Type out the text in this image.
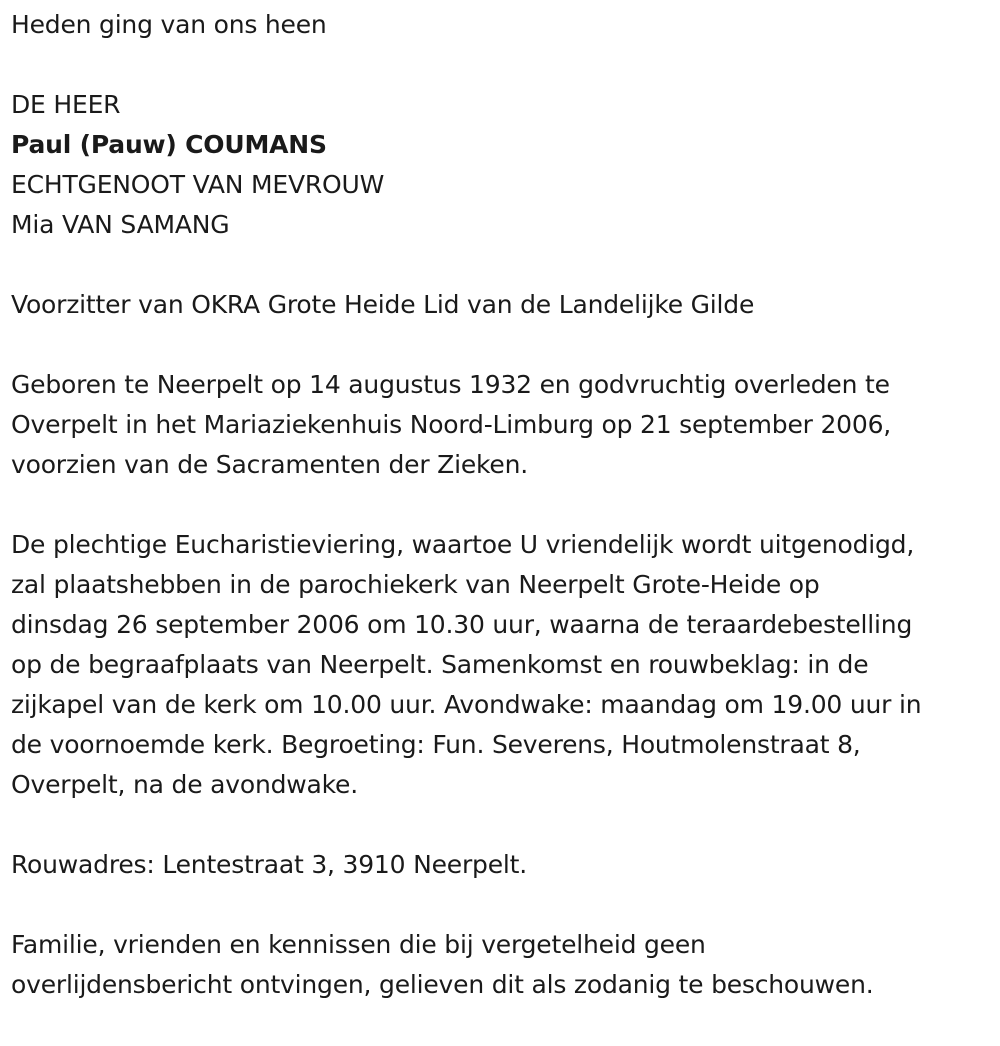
Heden ging van ons heen
DE HEER
Paul (Pauw) COUMANS
ECHTGENOOT VAN MEVROUW
Mia VAN SAMANG
Voorzitter van OKRA Grote Heide Lid van de Landelijke Gilde
Geboren te Neerpelt op 14 augustus 1932 en godvruchtig overleden te
Overpelt in het Mariaziekenhuis Noord-Limburg op 21 september 2006,
voorzien van de Sacramenten der Zieken.
De plechtige Eucharistieviering, waartoe U vriendelijk wordt uitgenodigd,
zal plaatshebben in de parochiekerk van Neerpelt Grote-Heide op
dinsdag 26 september 2006 om 10.30 uur, waarna de teraardebestelling
op de begraafplaats van Neerpelt. Samenkomst en rouwbeklag: in de
zijkapel van de kerk om 10.00 uur. Avondwake: maandag om 19.00 uur in
de voornoemde kerk. Begroeting: Fun. Severens, Houtmolenstraat 8,
Overpelt, na de avondwake.
Rouwadres: Lentestraat 3, 3910 Neerpelt.
Familie, vrienden en kennissen die bij vergetelheid geen
overlijdensbericht ontvingen, gelieven dit als zodanig te beschouwen.
